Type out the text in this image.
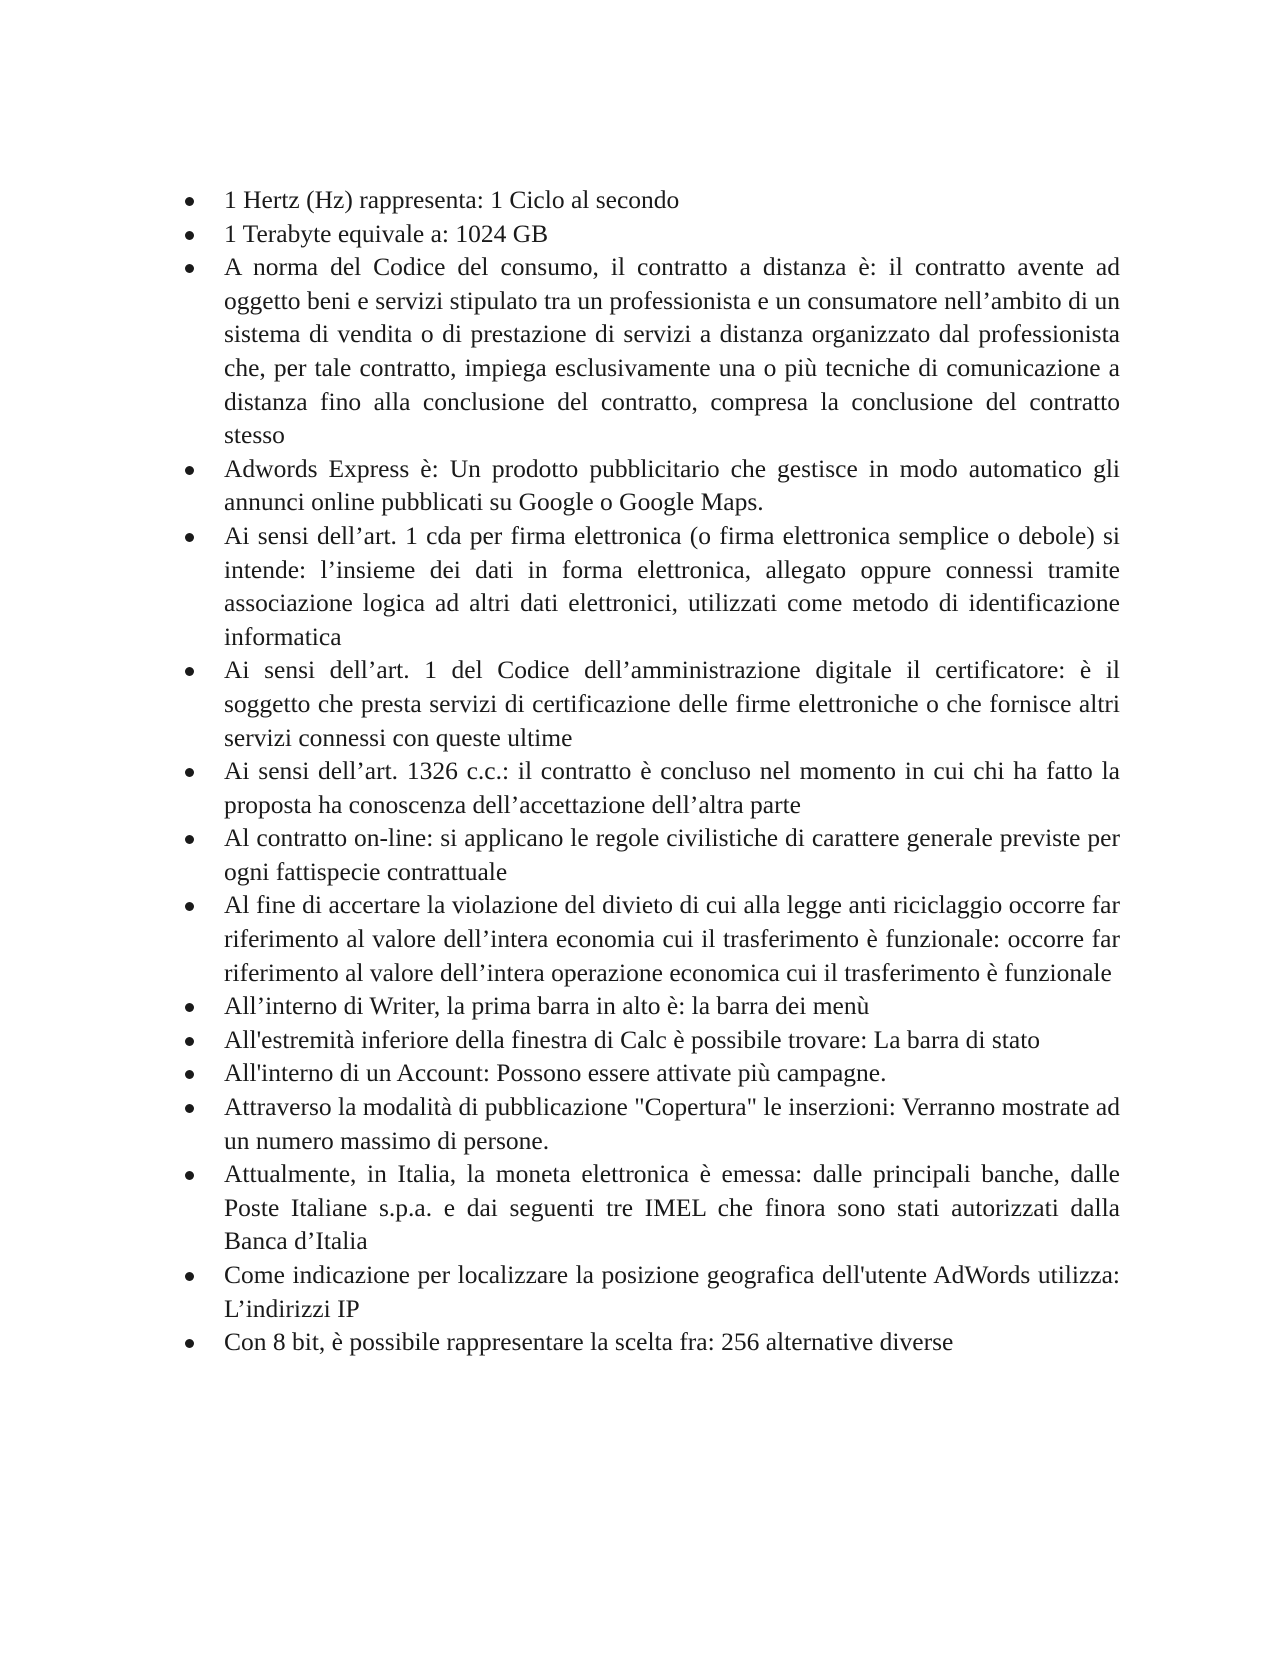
1 Hertz (Hz) rappresenta: 1 Ciclo al secondo
1 Terabyte equivale a: 1024 GB
A norma del Codice del consumo, il contratto a distanza è: il contratto avente ad oggetto beni e servizi stipulato tra un professionista e un consumatore nell’ambito di un sistema di vendita o di prestazione di servizi a distanza organizzato dal professionista che, per tale contratto, impiega esclusivamente una o più tecniche di comunicazione a distanza fino alla conclusione del contratto, compresa la conclusione del contratto stesso
Adwords Express è: Un prodotto pubblicitario che gestisce in modo automatico gli annunci online pubblicati su Google o Google Maps.
Ai sensi dell’art. 1 cda per firma elettronica (o firma elettronica semplice o debole) si intende: l’insieme dei dati in forma elettronica, allegato oppure connessi tramite associazione logica ad altri dati elettronici, utilizzati come metodo di identificazione informatica
Ai sensi dell’art. 1 del Codice dell’amministrazione digitale il certificatore: è il soggetto che presta servizi di certificazione delle firme elettroniche o che fornisce altri servizi connessi con queste ultime
Ai sensi dell’art. 1326 c.c.: il contratto è concluso nel momento in cui chi ha fatto la proposta ha conoscenza dell’accettazione dell’altra parte
Al contratto on-line: si applicano le regole civilistiche di carattere generale previste per ogni fattispecie contrattuale
Al fine di accertare la violazione del divieto di cui alla legge anti riciclaggio occorre far riferimento al valore dell’intera economia cui il trasferimento è funzionale: occorre far riferimento al valore dell’intera operazione economica cui il trasferimento è funzionale
All’interno di Writer, la prima barra in alto è: la barra dei menù
All'estremità inferiore della finestra di Calc è possibile trovare: La barra di stato
All'interno di un Account: Possono essere attivate più campagne.
Attraverso la modalità di pubblicazione "Copertura" le inserzioni: Verranno mostrate ad un numero massimo di persone.
Attualmente, in Italia, la moneta elettronica è emessa: dalle principali banche, dalle Poste Italiane s.p.a. e dai seguenti tre IMEL che finora sono stati autorizzati dalla Banca d’Italia
Come indicazione per localizzare la posizione geografica dell'utente AdWords utilizza: L’indirizzi IP
Con 8 bit, è possibile rappresentare la scelta fra: 256 alternative diverse
